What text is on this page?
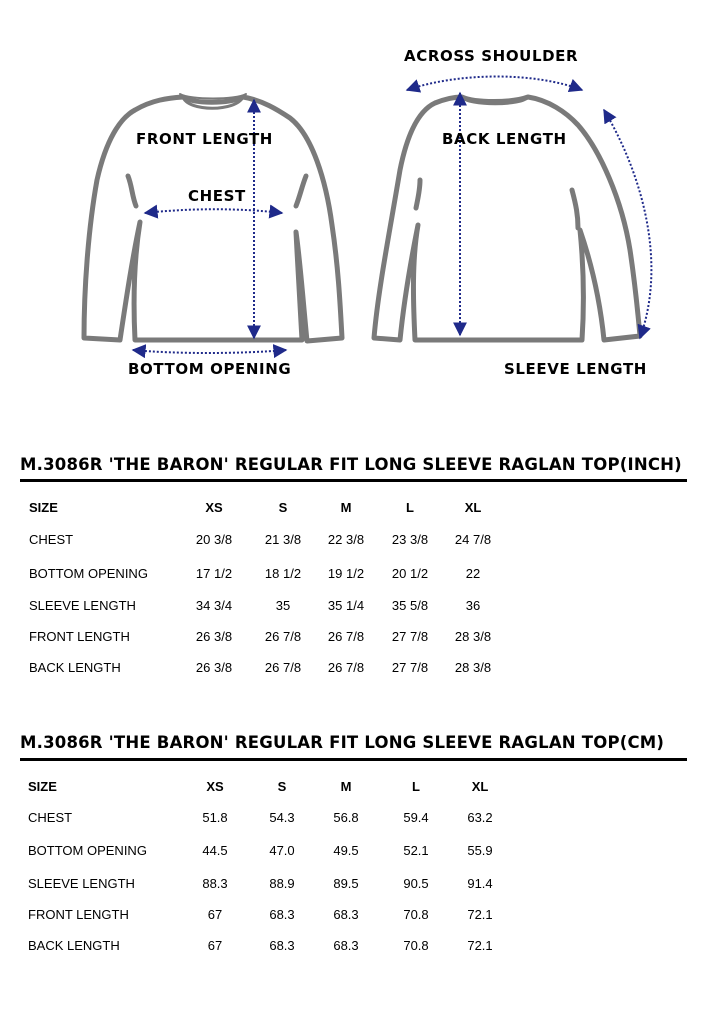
FRONT LENGTH
CHEST
BOTTOM OPENING
ACROSS SHOULDER
BACK LENGTH
SLEEVE LENGTH
M.3086R 'THE BARON' REGULAR FIT LONG SLEEVE RAGLAN TOP(INCH)
SIZE	XS	S	M	L	XL
CHEST	20 3/8	21 3/8	22 3/8	23 3/8	24 7/8
BOTTOM OPENING	17 1/2	18 1/2	19 1/2	20 1/2	22
SLEEVE LENGTH	34 3/4	35	35 1/4	35 5/8	36
FRONT LENGTH	26 3/8	26 7/8	26 7/8	27 7/8	28 3/8
BACK LENGTH	26 3/8	26 7/8	26 7/8	27 7/8	28 3/8
M.3086R 'THE BARON' REGULAR FIT LONG SLEEVE RAGLAN TOP(CM)
SIZE	XS	S	M	L	XL
CHEST	51.8	54.3	56.8	59.4	63.2
BOTTOM OPENING	44.5	47.0	49.5	52.1	55.9
SLEEVE LENGTH	88.3	88.9	89.5	90.5	91.4
FRONT LENGTH	67	68.3	68.3	70.8	72.1
BACK LENGTH	67	68.3	68.3	70.8	72.1
